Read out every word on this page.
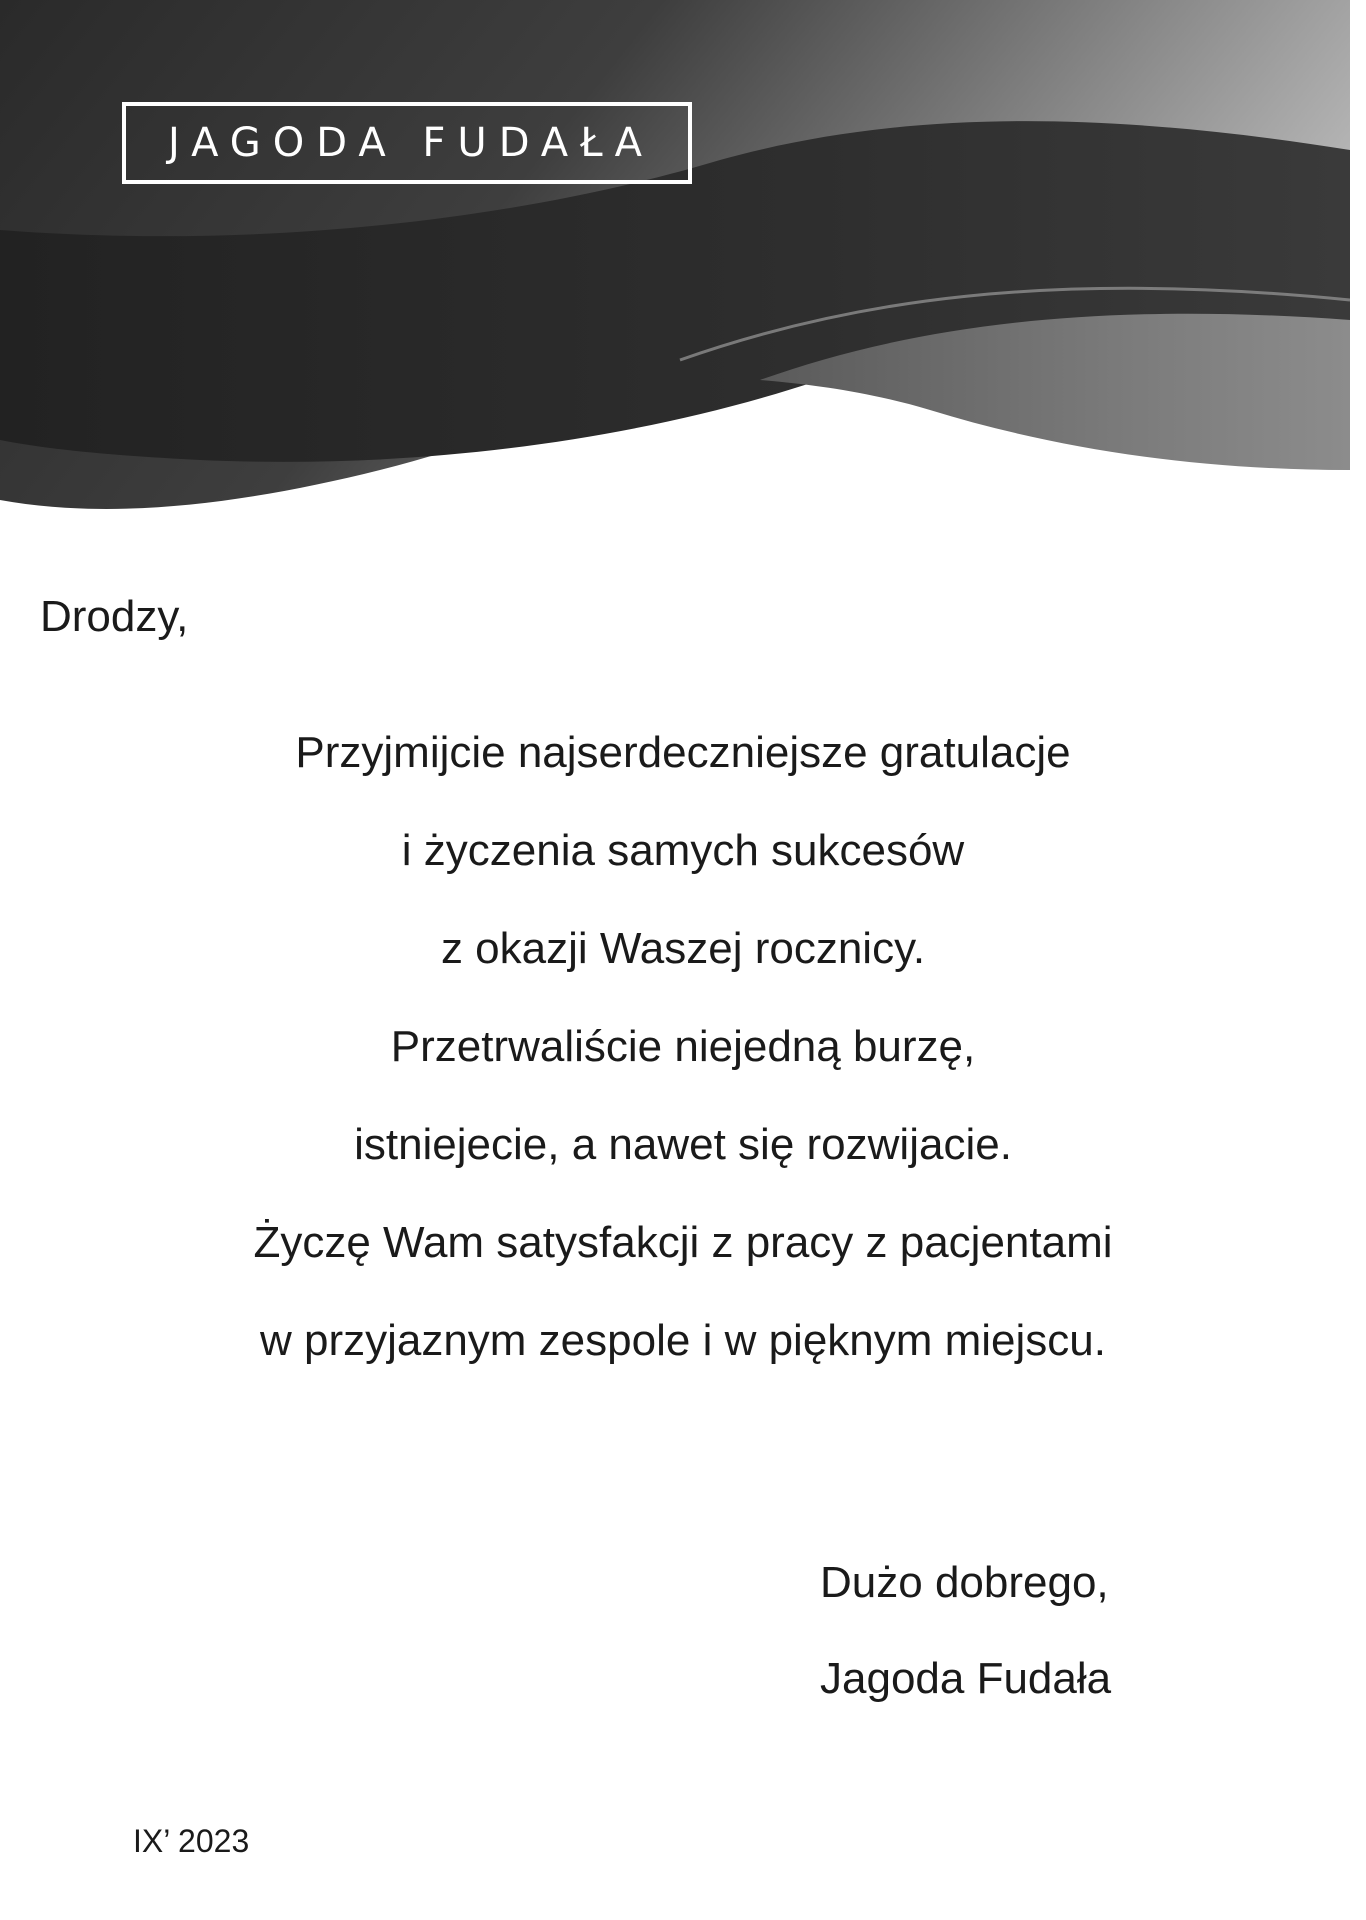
JAGODA FUDAŁA

Drodzy,

Przyjmijcie najserdeczniejsze gratulacje
i życzenia samych sukcesów
z okazji Waszej rocznicy.
Przetrwaliście niejedną burzę,
istniejecie, a nawet się rozwijacie.
Życzę Wam satysfakcji z pracy z pacjentami
w przyjaznym zespole i w pięknym miejscu.

Dużo dobrego,
Jagoda Fudała

IX’ 2023
